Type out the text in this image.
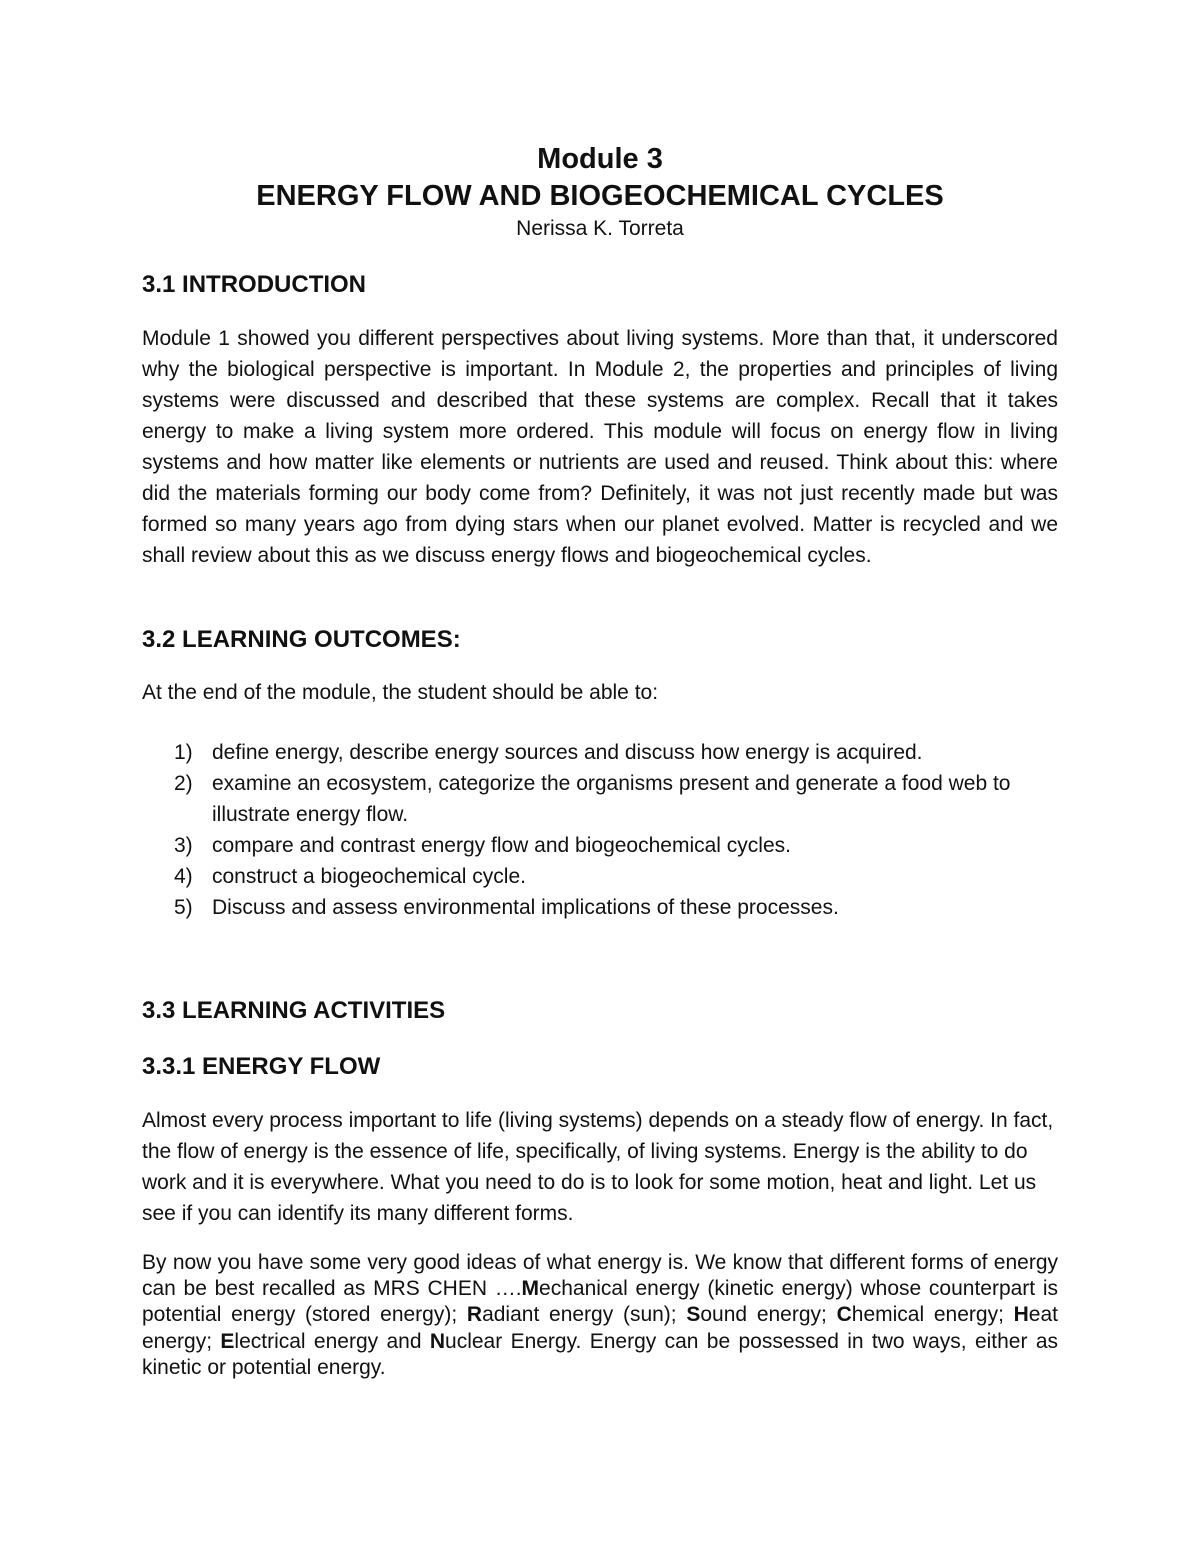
Module 3
ENERGY FLOW AND BIOGEOCHEMICAL CYCLES
Nerissa K. Torreta
3.1 INTRODUCTION

Module 1 showed you different perspectives about living systems. More than that, it underscored why the biological perspective is important. In Module 2, the properties and principles of living systems were discussed and described that these systems are complex. Recall that it takes energy to make a living system more ordered. This module will focus on energy flow in living systems and how matter like elements or nutrients are used and reused. Think about this: where did the materials forming our body come from? Definitely, it was not just recently made but was formed so many years ago from dying stars when our planet evolved. Matter is recycled and we shall review about this as we discuss energy flows and biogeochemical cycles.

3.2 LEARNING OUTCOMES:

At the end of the module, the student should be able to:

1) define energy, describe energy sources and discuss how energy is acquired.
2) examine an ecosystem, categorize the organisms present and generate a food web to illustrate energy flow.
3) compare and contrast energy flow and biogeochemical cycles.
4) construct a biogeochemical cycle.
5) Discuss and assess environmental implications of these processes.
3.3 LEARNING ACTIVITIES
3.3.1 ENERGY FLOW

Almost every process important to life (living systems) depends on a steady flow of energy. In fact, the flow of energy is the essence of life, specifically, of living systems. Energy is the ability to do work and it is everywhere. What you need to do is to look for some motion, heat and light. Let us see if you can identify its many different forms.

By now you have some very good ideas of what energy is. We know that different forms of energy can be best recalled as MRS CHEN ….Mechanical energy (kinetic energy) whose counterpart is potential energy (stored energy); Radiant energy (sun); Sound energy; Chemical energy; Heat energy; Electrical energy and Nuclear Energy. Energy can be possessed in two ways, either as kinetic or potential energy.
